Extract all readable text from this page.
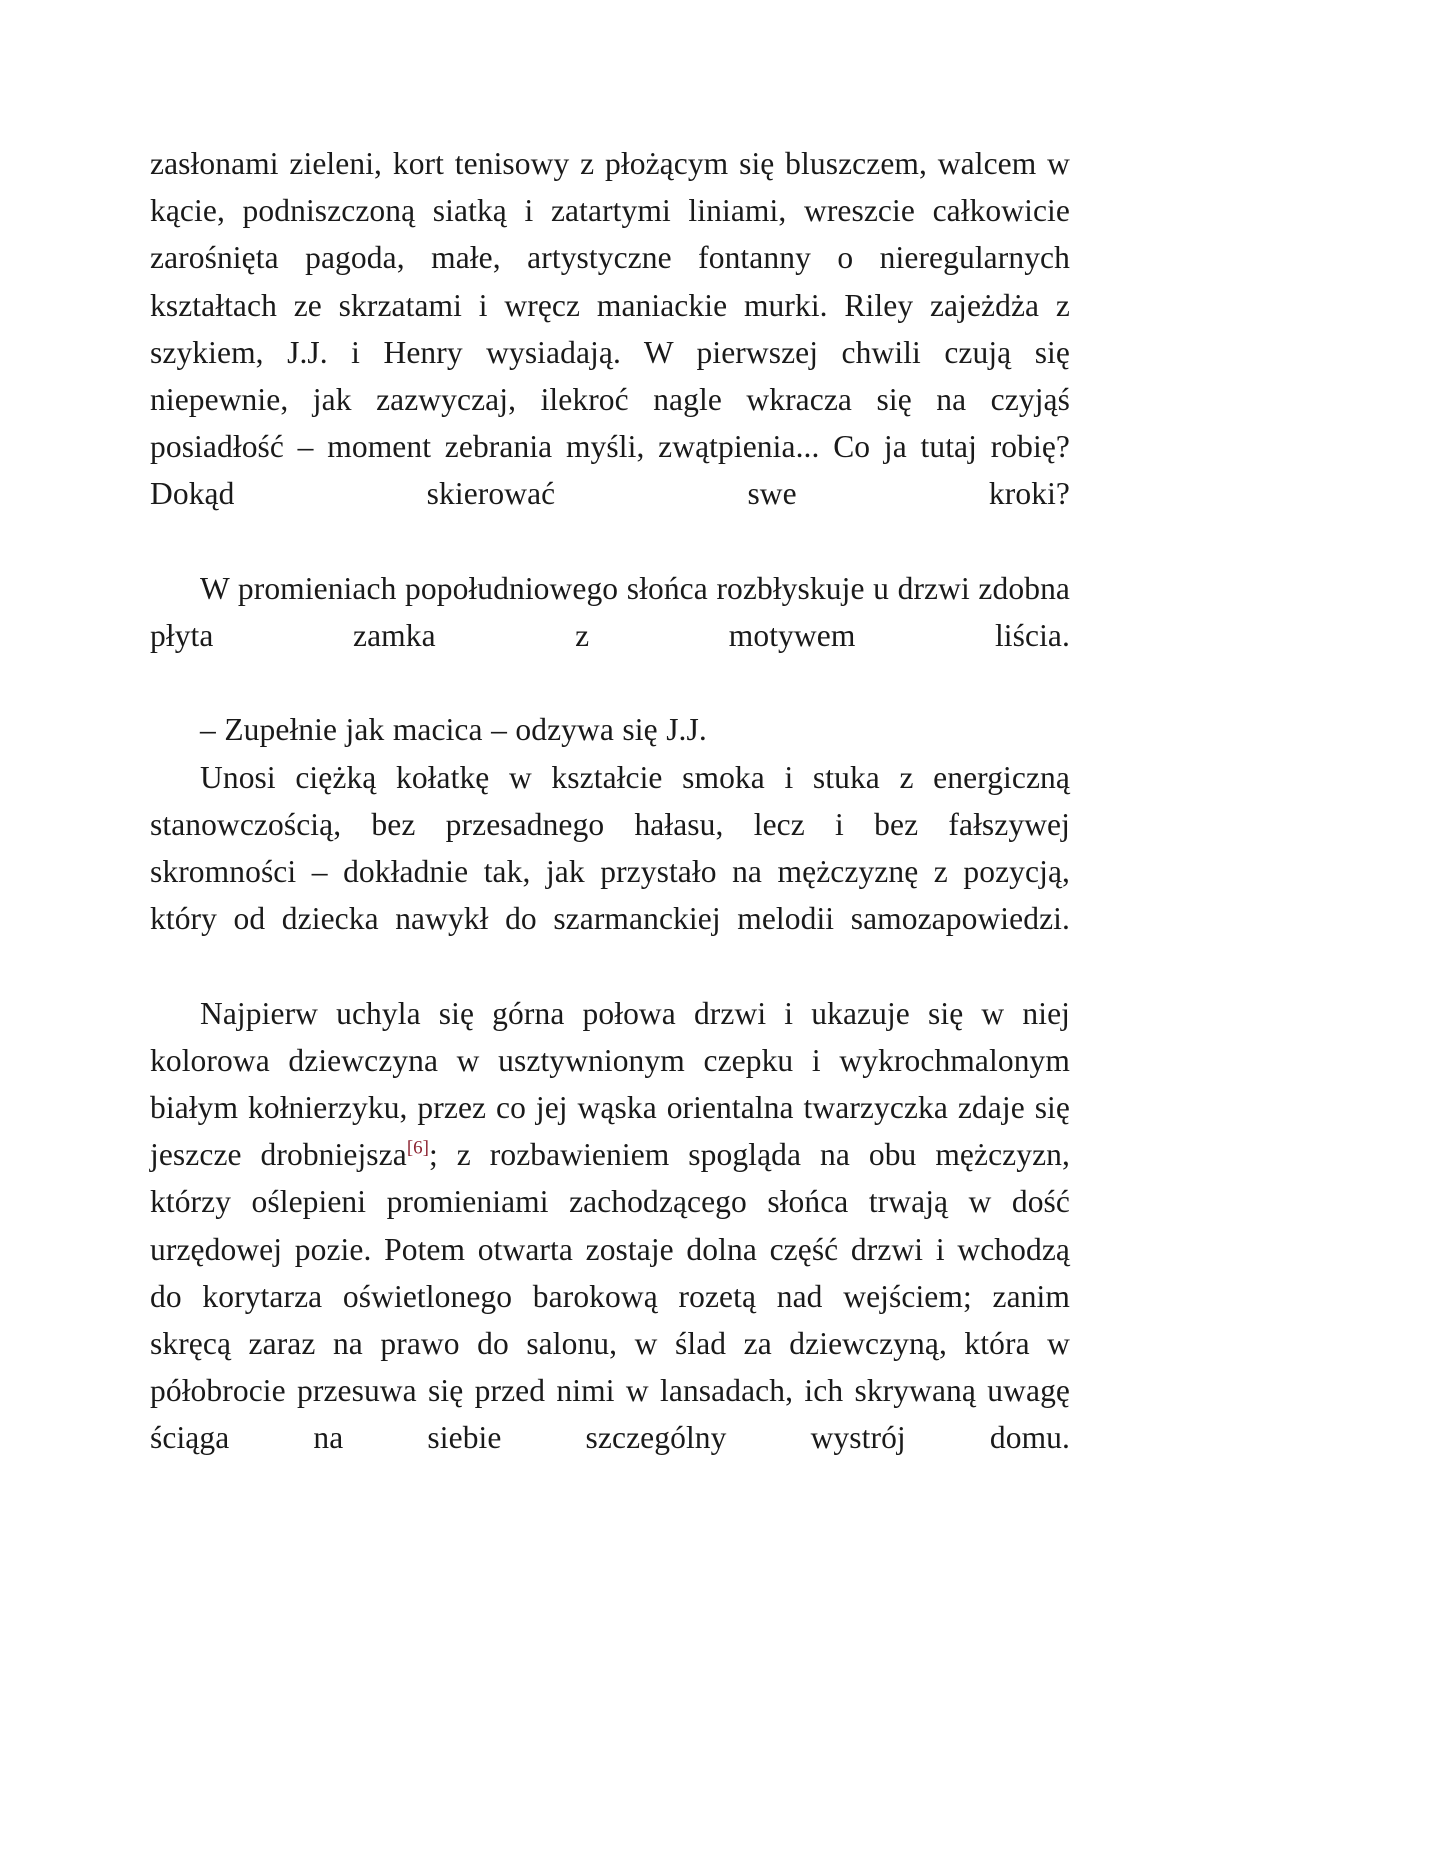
zasłonami zieleni, kort tenisowy z płożącym się bluszczem, walcem w kącie, podniszczoną siatką i zatartymi liniami, wreszcie całkowicie zarośnięta pagoda, małe, artystyczne fontanny o nieregularnych kształtach ze skrzatami i wręcz maniackie murki. Riley zajeżdża z szykiem, J.J. i Henry wysiadają. W pierwszej chwili czują się niepewnie, jak zazwyczaj, ilekroć nagle wkracza się na czyjąś posiadłość – moment zebrania myśli, zwątpienia... Co ja tutaj robię? Dokąd skierować swe kroki?

W promieniach popołudniowego słońca rozbłyskuje u drzwi zdobna płyta zamka z motywem liścia.

– Zupełnie jak macica – odzywa się J.J.

Unosi ciężką kołatkę w kształcie smoka i stuka z energiczną stanowczością, bez przesadnego hałasu, lecz i bez fałszywej skromności – dokładnie tak, jak przystało na mężczyznę z pozycją, który od dziecka nawykł do szarmanckiej melodii samozapowiedzi.

Najpierw uchyla się górna połowa drzwi i ukazuje się w niej kolorowa dziewczyna w usztywnionym czepku i wykrochmalonym białym kołnierzyku, przez co jej wąska orientalna twarzyczka zdaje się jeszcze drobniejsza[6]; z rozbawieniem spogląda na obu mężczyzn, którzy oślepieni promieniami zachodzącego słońca trwają w dość urzędowej pozie. Potem otwarta zostaje dolna część drzwi i wchodzą do korytarza oświetlonego barokową rozetą nad wejściem; zanim skręcą zaraz na prawo do salonu, w ślad za dziewczyną, która w półobrocie przesuwa się przed nimi w lansadach, ich skrywaną uwagę ściąga na siebie szczególny wystrój domu.
